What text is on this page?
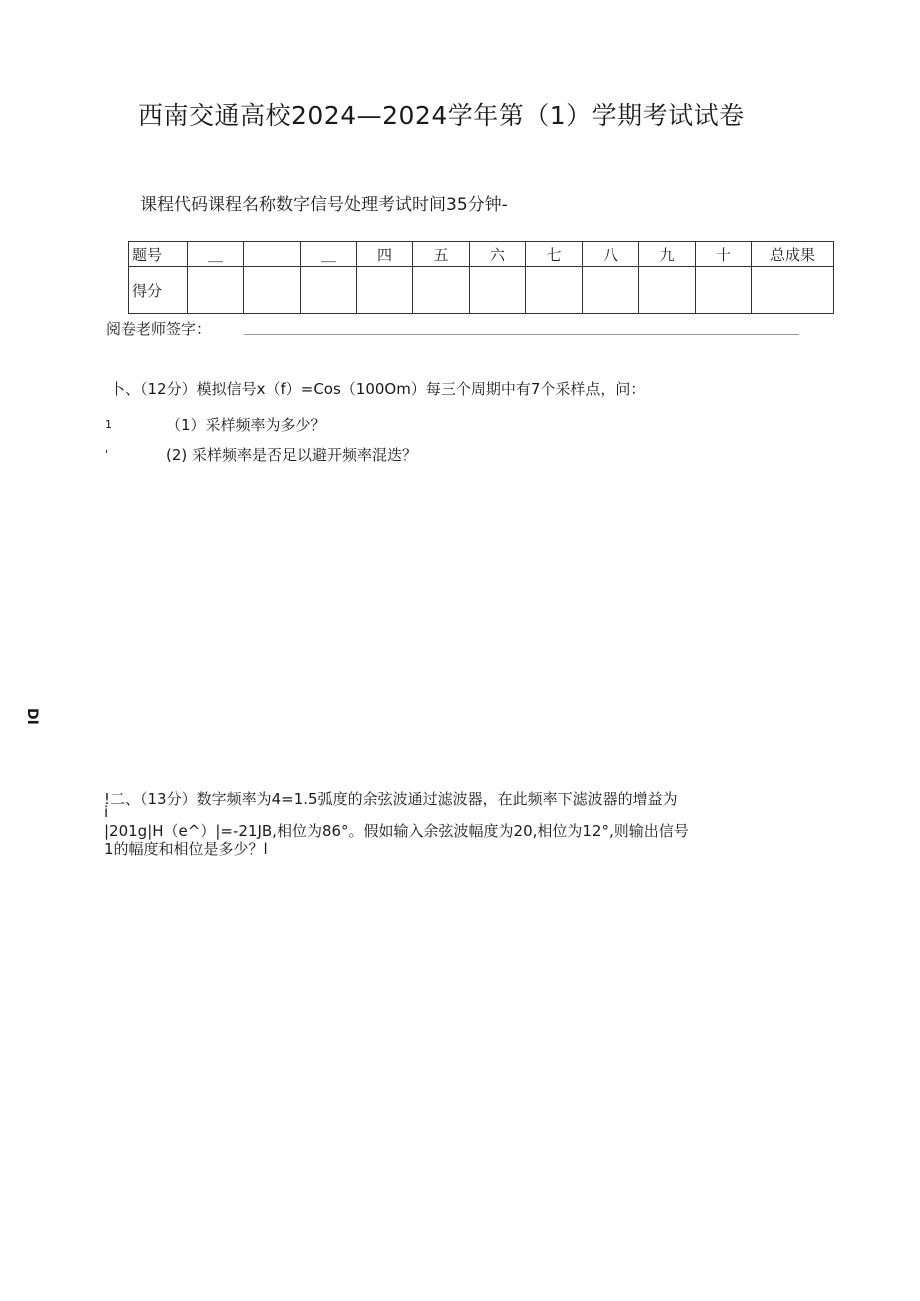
西南交通高校2024—2024学年第（1）学期考试试卷
课程代码课程名称数字信号处理考试时间35分钟-
题号	＿		＿	四	五	六	七	八	九	十	总成果
得分											
阅卷老师签字：
卜、（12分）模拟信号x（f）=Cos（100Om）每三个周期中有7个采样点，问：
1	（1）采样频率为多少？
'	(2) 采样频率是否足以避开频率混迭？
DI
!二、（13分）数字频率为4=1.5弧度的余弦波通过滤波器，在此频率下滤波器的增益为
i
|201g|H（e^）|=-21JB,相位为86°。假如输入余弦波幅度为20,相位为12°,则输出信号
1的幅度和相位是多少？l
